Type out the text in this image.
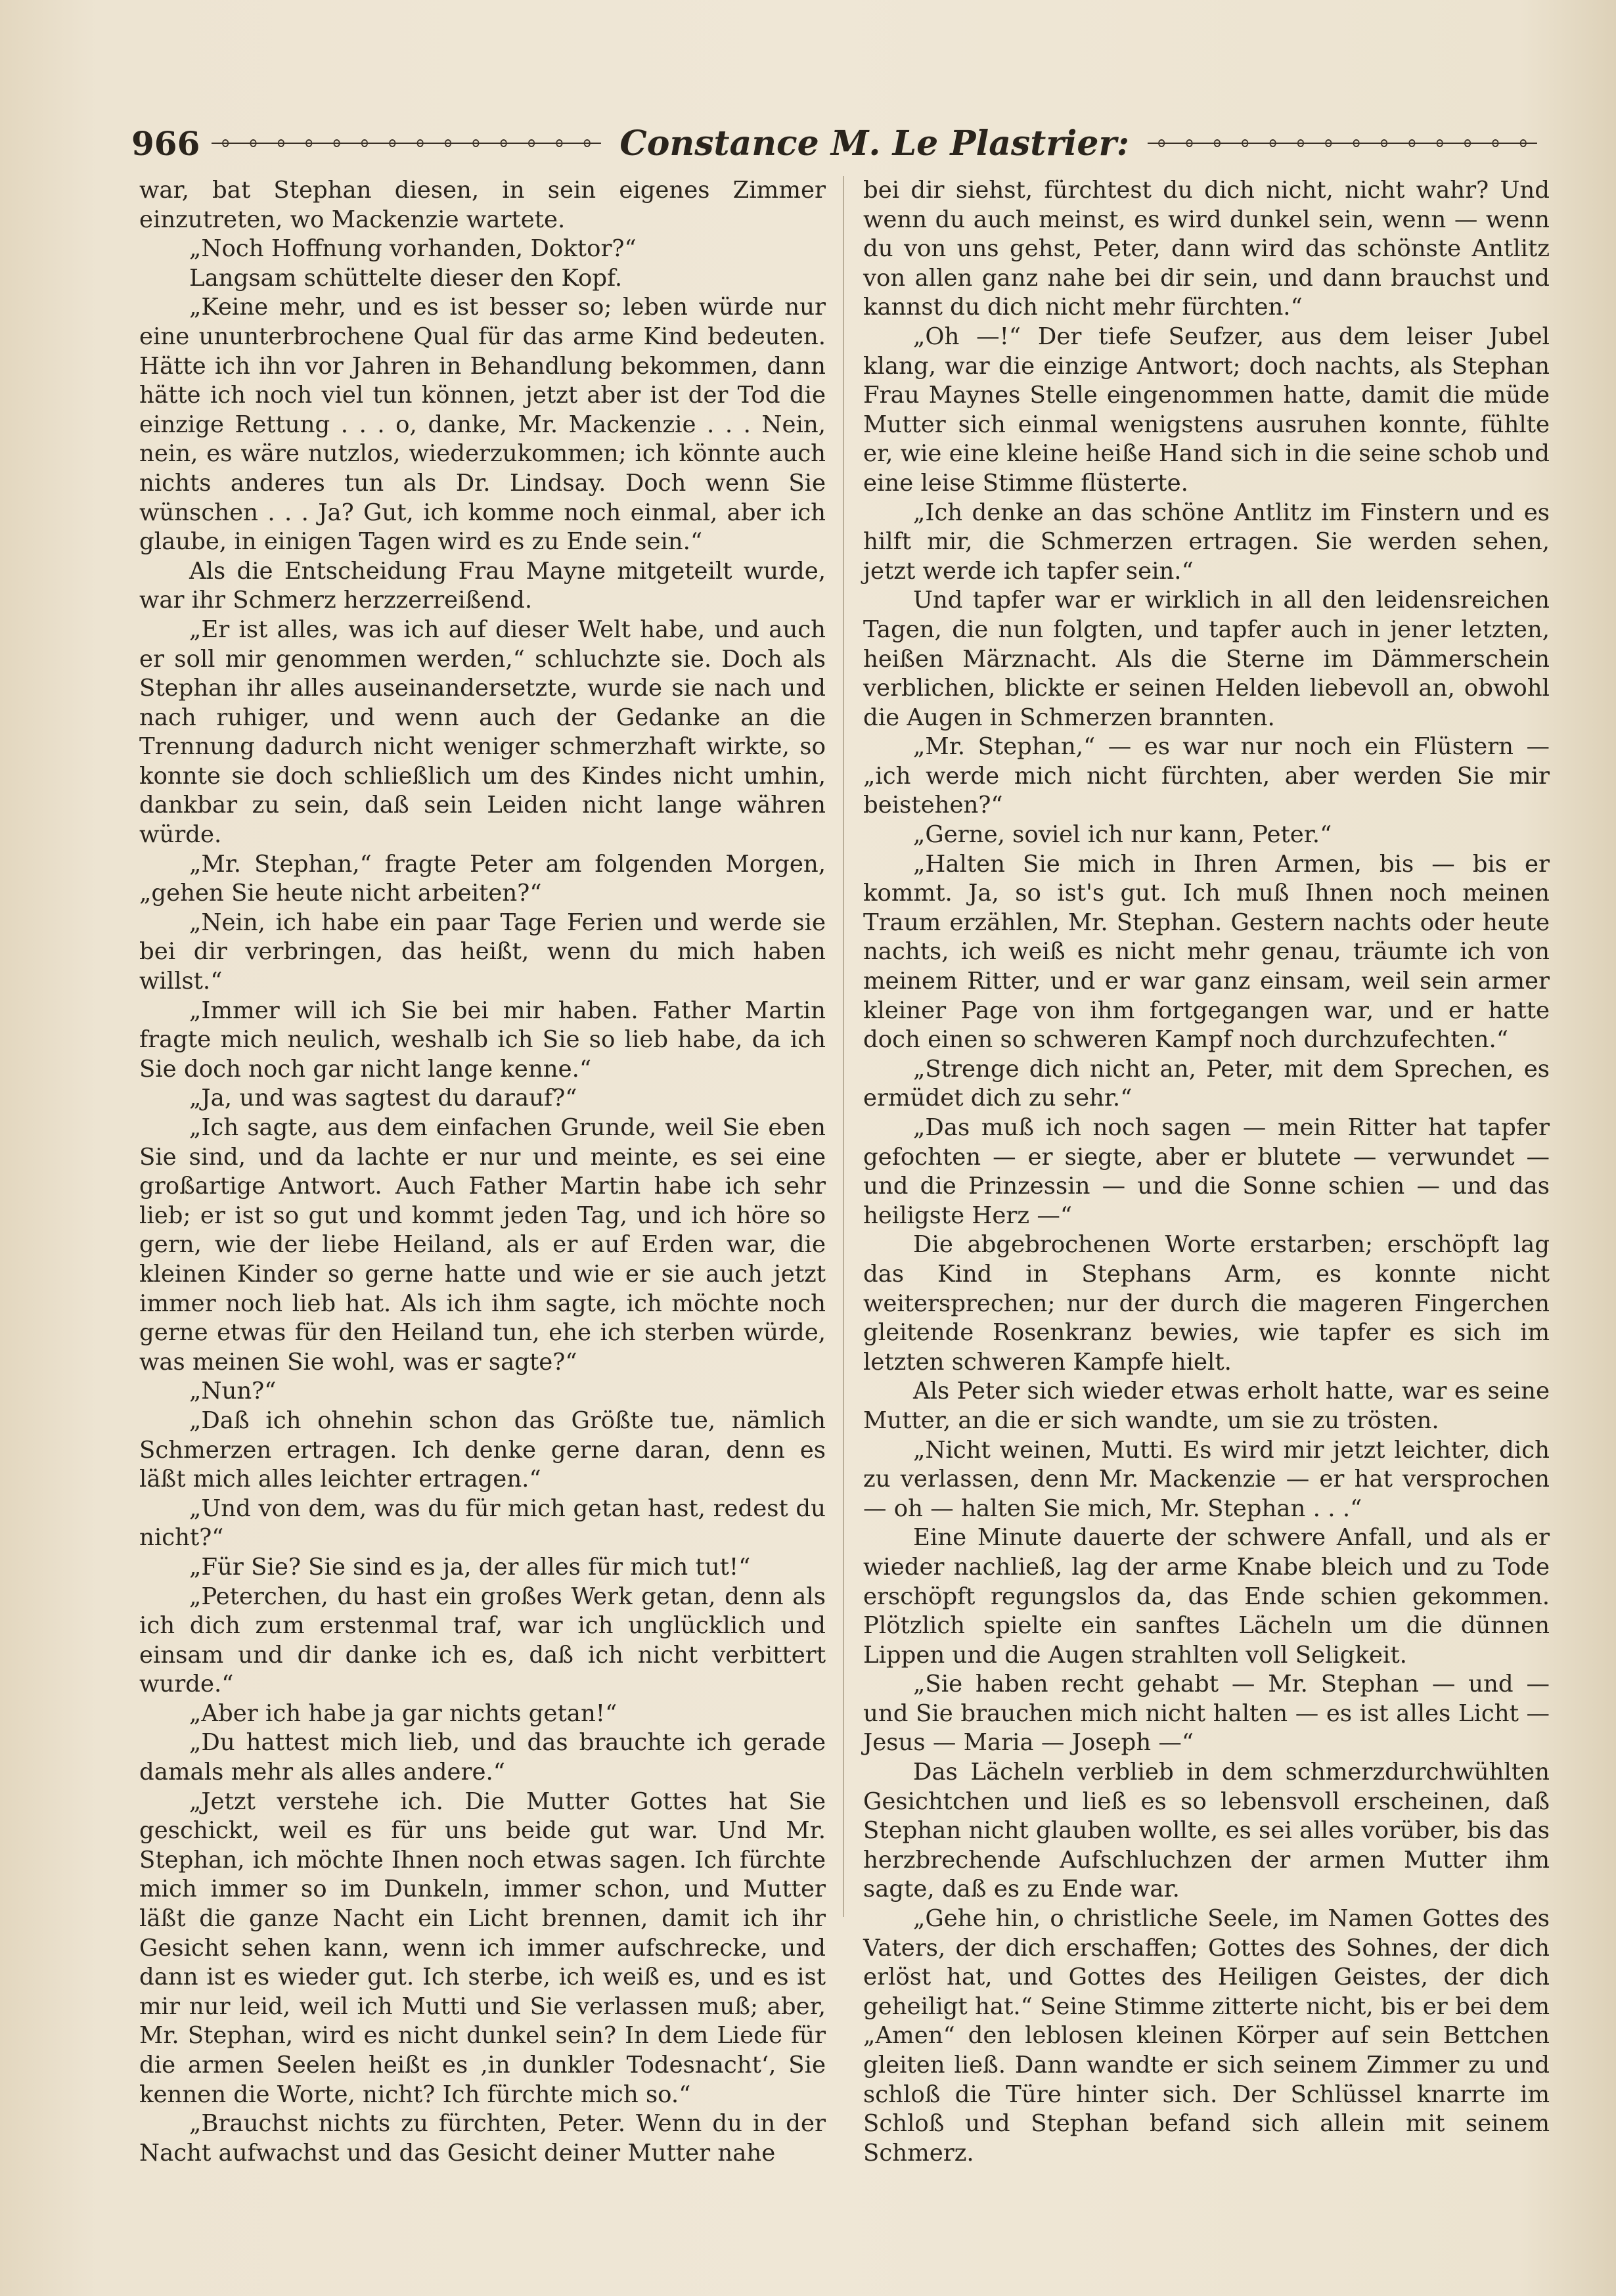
966	Constance M. Le Plastrier:

war, bat Stephan diesen, in sein eigenes Zimmer einzutreten, wo Mackenzie wartete.

„Noch Hoffnung vorhanden, Doktor?“

Langsam schüttelte dieser den Kopf.

„Keine mehr, und es ist besser so; leben würde nur eine ununterbrochene Qual für das arme Kind bedeuten. Hätte ich ihn vor Jahren in Behandlung bekommen, dann hätte ich noch viel tun können, jetzt aber ist der Tod die einzige Rettung . . . o, danke, Mr. Mackenzie . . . Nein, nein, es wäre nutzlos, wiederzukommen; ich könnte auch nichts anderes tun als Dr. Lindsay. Doch wenn Sie wünschen . . . Ja? Gut, ich komme noch einmal, aber ich glaube, in einigen Tagen wird es zu Ende sein.“

Als die Entscheidung Frau Mayne mitgeteilt wurde, war ihr Schmerz herzzerreißend.

„Er ist alles, was ich auf dieser Welt habe, und auch er soll mir genommen werden,“ schluchzte sie. Doch als Stephan ihr alles auseinandersetzte, wurde sie nach und nach ruhiger, und wenn auch der Gedanke an die Trennung dadurch nicht weniger schmerzhaft wirkte, so konnte sie doch schließlich um des Kindes nicht umhin, dankbar zu sein, daß sein Leiden nicht lange währen würde.

„Mr. Stephan,“ fragte Peter am folgenden Morgen, „gehen Sie heute nicht arbeiten?“

„Nein, ich habe ein paar Tage Ferien und werde sie bei dir verbringen, das heißt, wenn du mich haben willst.“

„Immer will ich Sie bei mir haben. Father Martin fragte mich neulich, weshalb ich Sie so lieb habe, da ich Sie doch noch gar nicht lange kenne.“

„Ja, und was sagtest du darauf?“

„Ich sagte, aus dem einfachen Grunde, weil Sie eben Sie sind, und da lachte er nur und meinte, es sei eine großartige Antwort. Auch Father Martin habe ich sehr lieb; er ist so gut und kommt jeden Tag, und ich höre so gern, wie der liebe Heiland, als er auf Erden war, die kleinen Kinder so gerne hatte und wie er sie auch jetzt immer noch lieb hat. Als ich ihm sagte, ich möchte noch gerne etwas für den Heiland tun, ehe ich sterben würde, was meinen Sie wohl, was er sagte?“

„Nun?“

„Daß ich ohnehin schon das Größte tue, nämlich Schmerzen ertragen. Ich denke gerne daran, denn es läßt mich alles leichter ertragen.“

„Und von dem, was du für mich getan hast, redest du nicht?“

„Für Sie? Sie sind es ja, der alles für mich tut!“

„Peterchen, du hast ein großes Werk getan, denn als ich dich zum erstenmal traf, war ich unglücklich und einsam und dir danke ich es, daß ich nicht verbittert wurde.“

„Aber ich habe ja gar nichts getan!“

„Du hattest mich lieb, und das brauchte ich gerade damals mehr als alles andere.“

„Jetzt verstehe ich. Die Mutter Gottes hat Sie geschickt, weil es für uns beide gut war. Und Mr. Stephan, ich möchte Ihnen noch etwas sagen. Ich fürchte mich immer so im Dunkeln, immer schon, und Mutter läßt die ganze Nacht ein Licht brennen, damit ich ihr Gesicht sehen kann, wenn ich immer aufschrecke, und dann ist es wieder gut. Ich sterbe, ich weiß es, und es ist mir nur leid, weil ich Mutti und Sie verlassen muß; aber, Mr. Stephan, wird es nicht dunkel sein? In dem Liede für die armen Seelen heißt es ‚in dunkler Todesnacht‘, Sie kennen die Worte, nicht? Ich fürchte mich so.“

„Brauchst nichts zu fürchten, Peter. Wenn du in der Nacht aufwachst und das Gesicht deiner Mutter nahe

bei dir siehst, fürchtest du dich nicht, nicht wahr? Und wenn du auch meinst, es wird dunkel sein, wenn — wenn du von uns gehst, Peter, dann wird das schönste Antlitz von allen ganz nahe bei dir sein, und dann brauchst und kannst du dich nicht mehr fürchten.“

„Oh —!“ Der tiefe Seufzer, aus dem leiser Jubel klang, war die einzige Antwort; doch nachts, als Stephan Frau Maynes Stelle eingenommen hatte, damit die müde Mutter sich einmal wenigstens ausruhen konnte, fühlte er, wie eine kleine heiße Hand sich in die seine schob und eine leise Stimme flüsterte.

„Ich denke an das schöne Antlitz im Finstern und es hilft mir, die Schmerzen ertragen. Sie werden sehen, jetzt werde ich tapfer sein.“

Und tapfer war er wirklich in all den leidensreichen Tagen, die nun folgten, und tapfer auch in jener letzten, heißen Märznacht. Als die Sterne im Dämmerschein verblichen, blickte er seinen Helden liebevoll an, obwohl die Augen in Schmerzen brannten.

„Mr. Stephan,“ — es war nur noch ein Flüstern — „ich werde mich nicht fürchten, aber werden Sie mir beistehen?“

„Gerne, soviel ich nur kann, Peter.“

„Halten Sie mich in Ihren Armen, bis — bis er kommt. Ja, so ist's gut. Ich muß Ihnen noch meinen Traum erzählen, Mr. Stephan. Gestern nachts oder heute nachts, ich weiß es nicht mehr genau, träumte ich von meinem Ritter, und er war ganz einsam, weil sein armer kleiner Page von ihm fortgegangen war, und er hatte doch einen so schweren Kampf noch durchzufechten.“

„Strenge dich nicht an, Peter, mit dem Sprechen, es ermüdet dich zu sehr.“

„Das muß ich noch sagen — mein Ritter hat tapfer gefochten — er siegte, aber er blutete — verwundet — und die Prinzessin — und die Sonne schien — und das heiligste Herz —“

Die abgebrochenen Worte erstarben; erschöpft lag das Kind in Stephans Arm, es konnte nicht weitersprechen; nur der durch die mageren Fingerchen gleitende Rosenkranz bewies, wie tapfer es sich im letzten schweren Kampfe hielt.

Als Peter sich wieder etwas erholt hatte, war es seine Mutter, an die er sich wandte, um sie zu trösten.

„Nicht weinen, Mutti. Es wird mir jetzt leichter, dich zu verlassen, denn Mr. Mackenzie — er hat versprochen — oh — halten Sie mich, Mr. Stephan . . .“

Eine Minute dauerte der schwere Anfall, und als er wieder nachließ, lag der arme Knabe bleich und zu Tode erschöpft regungslos da, das Ende schien gekommen. Plötzlich spielte ein sanftes Lächeln um die dünnen Lippen und die Augen strahlten voll Seligkeit.

„Sie haben recht gehabt — Mr. Stephan — und — und Sie brauchen mich nicht halten — es ist alles Licht — Jesus — Maria — Joseph —“

Das Lächeln verblieb in dem schmerzdurchwühlten Gesichtchen und ließ es so lebensvoll erscheinen, daß Stephan nicht glauben wollte, es sei alles vorüber, bis das herzbrechende Aufschluchzen der armen Mutter ihm sagte, daß es zu Ende war.

„Gehe hin, o christliche Seele, im Namen Gottes des Vaters, der dich erschaffen; Gottes des Sohnes, der dich erlöst hat, und Gottes des Heiligen Geistes, der dich geheiligt hat.“ Seine Stimme zitterte nicht, bis er bei dem „Amen“ den leblosen kleinen Körper auf sein Bettchen gleiten ließ. Dann wandte er sich seinem Zimmer zu und schloß die Türe hinter sich. Der Schlüssel knarrte im Schloß und Stephan befand sich allein mit seinem Schmerz.
